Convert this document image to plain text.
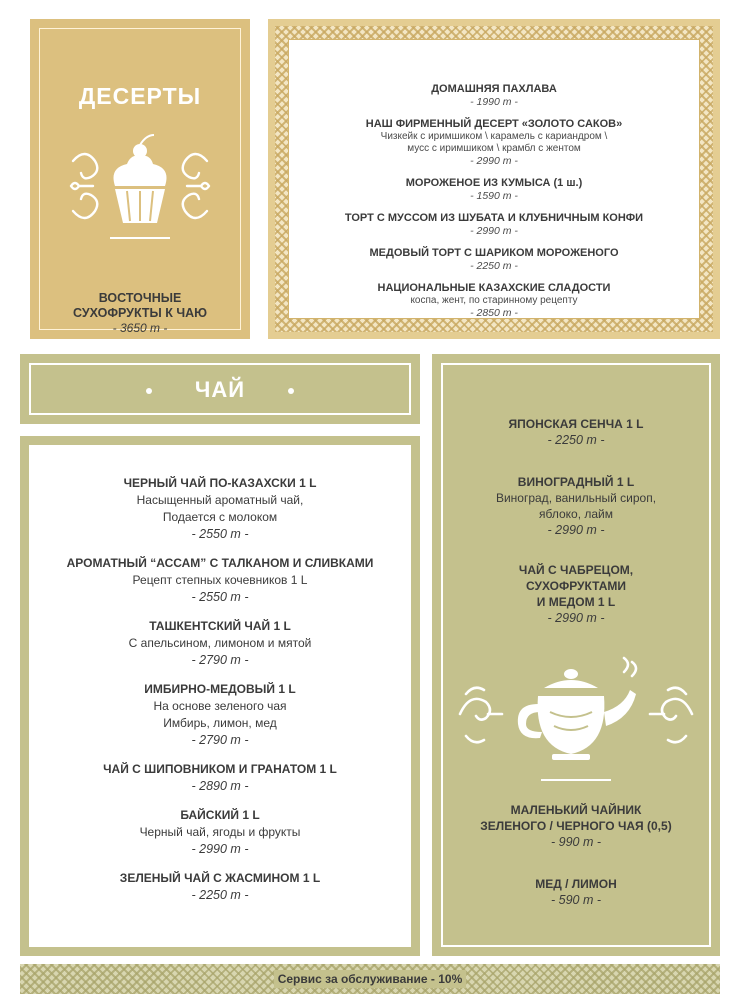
ДЕСЕРТЫ
ВОСТОЧНЫЕ
СУХОФРУКТЫ К ЧАЮ
- 3650 т -
ДОМАШНЯЯ ПАХЛАВА
- 1990 т -
НАШ ФИРМЕННЫЙ ДЕСЕРТ «ЗОЛОТО САКОВ»
Чизкейк с иримшиком \ карамель с кариандром \
мусс с иримшиком \ крамбл с жентом
- 2990 т -
МОРОЖЕНОЕ ИЗ КУМЫСА (1 ш.)
- 1590 т -
ТОРТ С МУССОМ ИЗ ШУБАТА И КЛУБНИЧНЫМ КОНФИ
- 2990 т -
МЕДОВЫЙ ТОРТ С ШАРИКОМ МОРОЖЕНОГО
- 2250 т -
НАЦИОНАЛЬНЫЕ КАЗАХСКИЕ СЛАДОСТИ
коспа, жент, по старинному рецепту
- 2850 т -
ЧАЙ
ЧЕРНЫЙ ЧАЙ ПО-КАЗАХСКИ 1 L
Насыщенный ароматный чай,
Подается с молоком
- 2550 т -
АРОМАТНЫЙ “АССАМ” С ТАЛКАНОМ И СЛИВКАМИ
Рецепт степных кочевников 1 L
- 2550 т -
ТАШКЕНТСКИЙ ЧАЙ 1 L
С апельсином, лимоном и мятой
- 2790 т -
ИМБИРНО-МЕДОВЫЙ 1 L
На основе зеленого чая
Имбирь, лимон, мед
- 2790 т -
ЧАЙ С ШИПОВНИКОМ И ГРАНАТОМ 1 L
- 2890 т -
БАЙСКИЙ 1 L
Черный чай, ягоды и фрукты
- 2990 т -
ЗЕЛЕНЫЙ ЧАЙ С ЖАСМИНОМ 1 L
- 2250 т -
ЯПОНСКАЯ СЕНЧА 1 L
- 2250 т -
ВИНОГРАДНЫЙ 1 L
Виноград, ванильный сироп,
яблоко, лайм
- 2990 т -
ЧАЙ С ЧАБРЕЦОМ,
СУХОФРУКТАМИ
И МЕДОМ 1 L
- 2990 т -
МАЛЕНЬКИЙ ЧАЙНИК
ЗЕЛЕНОГО / ЧЕРНОГО ЧАЯ (0,5)
- 990 т -
МЕД / ЛИМОН
- 590 т -
Сервис за обслуживание - 10%
